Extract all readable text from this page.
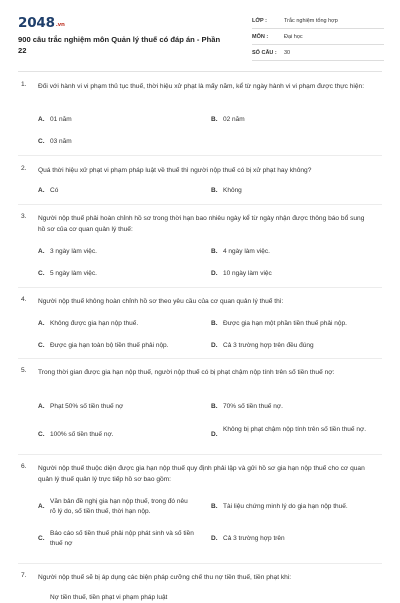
$2048^{.vn}$
900 câu trắc nghiệm môn Quản lý thuế có đáp án - Phần 22
LỚP :	Trắc nghiệm tổng hợp
MÔN :	Đại học
SỐ CÂU :	30
1. Đối với hành vi vi phạm thủ tục thuế, thời hiệu xử phạt là mấy năm, kể từ ngày hành vi vi phạm được thực hiện:
A. 01 năm	B. 02 năm
C. 03 năm
2. Quá thời hiệu xử phạt vi phạm pháp luật về thuế thì người nộp thuế có bị xử phạt hay không?
A. Có	B. Không
3. Người nộp thuế phải hoàn chỉnh hồ sơ trong thời hạn bao nhiêu ngày kể từ ngày nhận được thông báo bổ sung hồ sơ của cơ quan quản lý thuế:
A. 3 ngày làm việc.	B. 4 ngày làm việc.
C. 5 ngày làm việc.	D. 10 ngày làm việc
4. Người nộp thuế không hoàn chỉnh hồ sơ theo yêu cầu của cơ quan quản lý thuế thì:
A. Không được gia hạn nộp thuế.	B. Được gia hạn một phần tiền thuế phải nộp.
C. Được gia hạn toàn bộ tiền thuế phải nộp.	D. Cả 3 trường hợp trên đều đúng
5. Trong thời gian được gia hạn nộp thuế, người nộp thuế có bị phạt chậm nộp tính trên số tiền thuế nợ:
A. Phạt 50% số tiền thuế nợ	B. 70% số tiền thuế nợ.
C. 100% số tiền thuế nợ.	D.
Không bị phạt chậm nộp tính trên số tiền thuế nợ.
6. Người nộp thuế thuộc diện được gia hạn nộp thuế quy định phải lập và gửi hồ sơ gia hạn nộp thuế cho cơ quan quản lý thuế quản lý trực tiếp hồ sơ bao gồm:
A.
Văn bản đề nghị gia hạn nộp thuế, trong đó nêu rõ lý do, số tiền thuế, thời hạn nộp.
B. Tài liệu chứng minh lý do gia hạn nộp thuế.
C.
Báo cáo số tiền thuế phải nộp phát sinh và số tiền thuế nợ
D. Cả 3 trường hợp trên
7. Người nộp thuế sẽ bị áp dụng các biện pháp cưỡng chế thu nợ tiền thuế, tiền phạt khi:
Nợ tiền thuế, tiền phạt vi phạm pháp luật
